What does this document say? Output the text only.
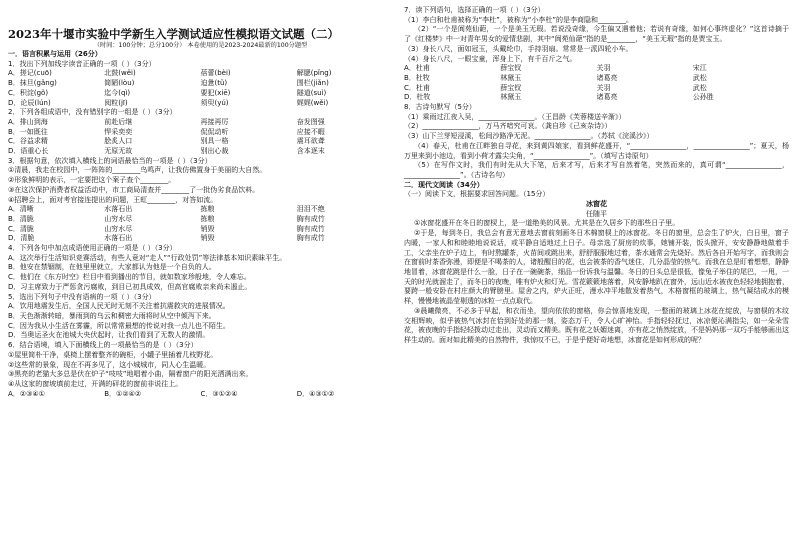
2023年十堰市实验中学新生入学测试适应性模拟语文试题（二）
（时间：100分钟；总分100分） 本卷使用的是2023-2024最新的100分题型
一．语言积累与运用（26分）
1．找出下列加线字读音正确的一项（ ）（3分）
A．搓记(cuō)	北鼓(wěi)	蓓蕾(bèi)	解腮(pǐng)
B．抹旦(gǎng)	简陋(lòu)	迫惫(tǔ)	围栏(jiǎn)
C．积淀(gǒ)	迄今(qì)	要犯(xiē)	隧道(suì)
D．论辰(lún)	阅粒(jī)	须臾(yú)	娓娓(wěi)
2．下列各组成语中，没有错别字的一组是（ ）（3分）
A．排山到海	前赴后继	再接再厉	奋发图强
B．一如既往	悍采奕奕	侃侃动听	应接不暇
C．谷益求精	脍炙人口	别具一格	震耳欲聋
D．语重心长	无原无故	别出心裁	含本逐末
3．根据句意，依次填入横线上的词语最恰当的一项是（ ）（3分）
①清晨，我走在校园中，一阵阵的________鸟鸣声，让我仿佛置身于美丽的大自然。
②形象鲜明的表示，一定要把这个案子查个________。
③在这次保护消费者权益活动中，市工商局清查并________了一批伪劣食品饮料。
④招聘会上，面对考官接连提出的问题，王虹________，对答如流。
A．清晰	水落石出	拣粮	泪泪不绝
B．清脆	山穷水尽	拣粮	胸有成竹
C．清脆	山穷水尽	销毁	胸有成竹
D．清脆	水落石出	销毁	胸有成竹
4．下列各句中加点成语使用正确的一项是（ ）（3分）
A．这次举行生活知识竞赛活动，有些人竟对“走人”“行政处罚”等法律基本知识素昧平生。
B．他安在禁锢制，在他里里就立，大家都认为他是一个自负的人。
C．他们在《东方时空》栏目中看到播出的节目，就如数家珍般地，令人难忘。
D．习主席致力于严惩贪污腐败，到目已初具成效，但高官腐败亲来尚未遏止。
5．选出下列句子中没有语病的一项（ ）（3分）
A．饮用地震发生后，全国人民无时无刻不关注着抗震救灾的进展情况。
B．天色渐渐转暗，暴雨到的乌云和稠密大雨将时从空中倾泻下来。
C．因为我从小生活在雾霾，所以常常最想的传说对我一点儿也不陌生。
D．当奥运圣火在池城大央伏起时，让我们看到了无数人的激情。
6．结合语境，填入下面横线上的一项最恰当的是（ ）（3分）
①屋里简朴干净，桌椅上摆着整齐的碗柜，小罐子里插着几枝野花。
②这些常的景象，现在不再多见了，这小城城市，同人心生温暖。
③黑亮的老猫大多总是伏在炉子“吱吱”地唱着小曲，隔着窗户的阳光洒满出来。
④从这家的窗坡填前走过，开满的砰花的窗前非说往上。
A．②③④①	B．①②④②	C．③①②④	D．④③①②
7．读下列语句，选择正确的一项（ ）（3分）
（1）李白和杜甫被称为“李杜”，被称为“小李杜”的是李商隐和________。
（2）“一个是阆苑仙葩，一个是美玉无瑕。若说没奇缘，今生偏又遇着他；若说有奇缘，如何心事终虚化？”这首诗摘于了《红楼梦》中一对青年男女的爱情悲剧，其中“阆苑仙葩”指的是________，“美玉无瑕”指的是贾宝玉。
（3）身长八尺，面如冠玉，头戴纶巾，手持羽扇。常常是一派四轮小车。
（4）身长八尺，一眼宝童，浑身上下，有千百斤之气。
A．杜甫	薛宝钗	关羽	宋江
B．杜牧	林黛玉	诸葛亮	武松
C．杜甫	薛宝钗	关羽	武松
D．杜牧	林黛玉	诸葛亮	公孙胜
8．古诗句默写（5分）
（1）乘雨过江夜入吴，________________。（王昌龄《芙蓉楼送辛渐》）
（2）________________，万马齐喑究可哀。（龚自珍《己亥杂诗》）
（3）山下兰芽短浸溪，松间沙路净无泥。________________。（苏轼《浣溪沙》）
（4）春天，杜甫在江畔独自寻花，来到黄四娘家，看到鲜花盛开，“________________，________________”；夏天，杨万里来到小池边，看到小荷才露尖尖角，“________________”。（填写古诗原句）
（5）在写作文时，我们有时先从大下笔，后来才写，后来才写自然着笔，突然而来的，真可谓“________________，________________”。（古诗名句）
二．现代文阅读（34分）
（一）阅读下文，根据要求回答问题。（15分）
冰窗花
任随平
①冰窗花盛开在冬日的窗棂上，是一道绝美的风景。尤其是在久居乡下的那些日子里。
②于是，每到冬日，我总会有意无意地去窗前刻画冬日木棉窗棂上的冰窗花。冬日的窗里，总会生了炉火，白日里，窗子内暖，一家人和和睦睦地说说话，或平静自适地过上日子。母亲选了厨房的炊事，她铺开装，饭头掀开，安安静静地做着手工，父亲坐在炉子边上，有时熬罐茶，火苗间或跳出来，舒舒服服地过着，茶水通常会先烧好。然后各自开始写字，而我则会在窗前时茶香弥漫，即便是不喝茶的人，诸般醒目的花，也会被茶的香气迷住，几分晶莹的热气。而我在总是盯着想想，静静地冒着，冰窗花跳是什么一脸，日子在一碗碗茶，细品一份诉我与温馨。冬日的日头总是很低，像兔子举住的尾巴，一甩，一天的时光就溜走了，而冬日的夜晚，唯有炉火和灯光。雪花簌簌地落着，风安静地趴在窗外，远山近水被夜色轻轻地拥抱着，要跨一般安卧在村庄颜大的臂膀里。屋舍之内，炉火正旺，漫水冲平地散发着热气，木格窗框的玻璃上，热气凝结成水的模样，慢慢地被晶莹剔透的冰粒一点点取代。
③晨曦微亮，不必多于早起，和衣而坐，望向依依的窗格，你会惊喜地发现，一整面的玻璃上冰花在绽放，与窗棂的木纹交相辉映，似乎被热气冰封在恰到好处的那一刻，姿态万千，令人心旷神怡。手指轻轻抚过，冰凉便沁满指尖，如一朵朵雪花，被夜晚的手指轻轻拨动过走出，灵动而又精美。既有花之妖媚迷离，亦有花之悄然绽放，不是妈妈那一双巧手能够画出这样生动的。面对如此精美的自然物件，我惊叹不已，于是乎便好奇地想，冰窗花是如何形成的呢？
